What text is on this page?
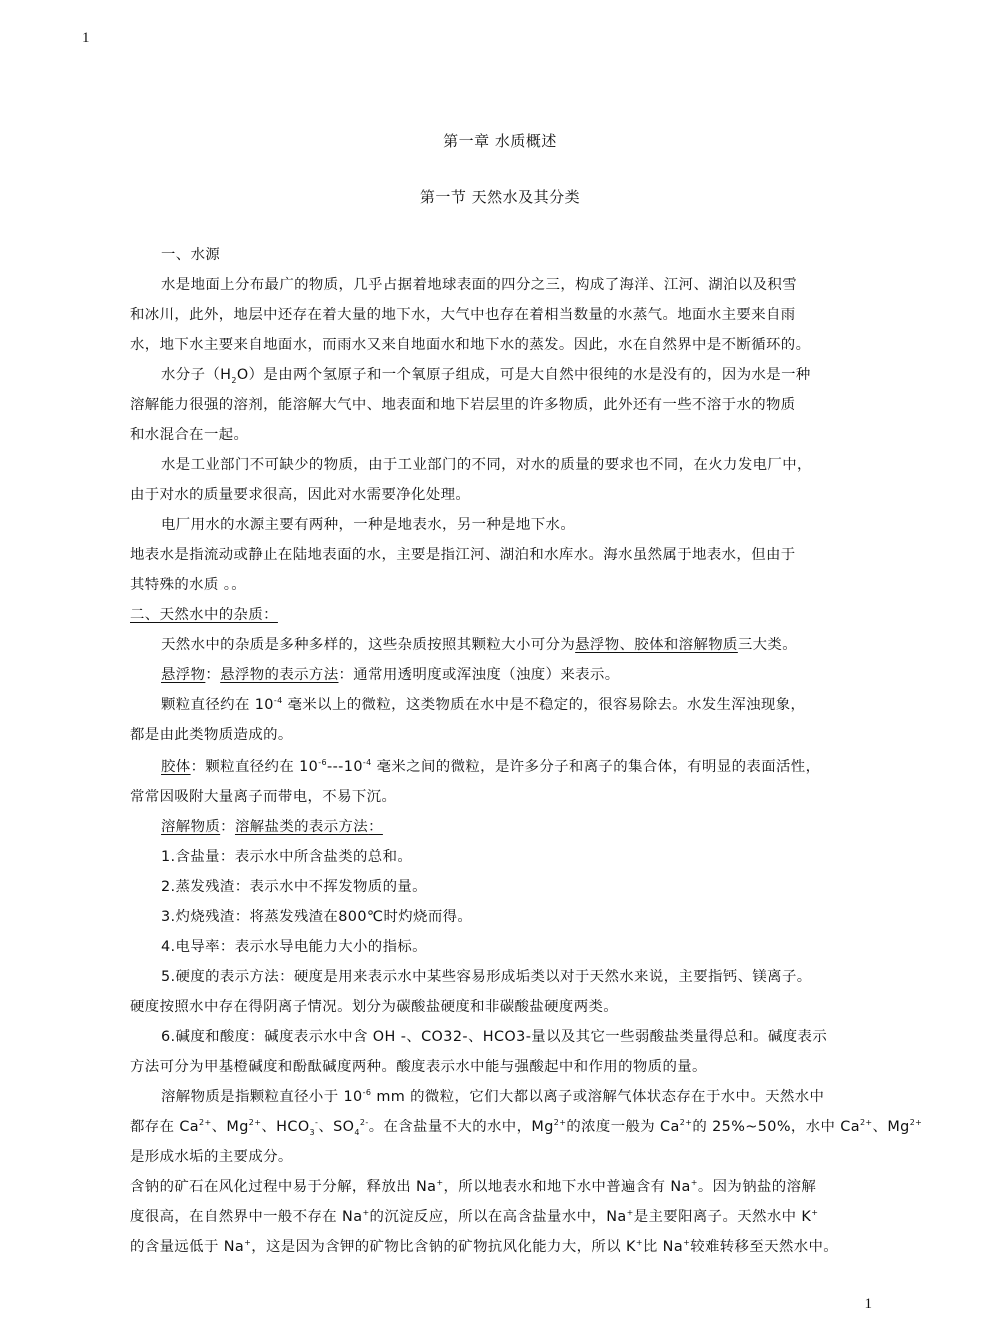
1
第一章 水质概述
第一节 天然水及其分类
一、水源
水是地面上分布最广的物质，几乎占据着地球表面的四分之三，构成了海洋、江河、湖泊以及积雪
和冰川，此外，地层中还存在着大量的地下水，大气中也存在着相当数量的水蒸气。地面水主要来自雨
水，地下水主要来自地面水，而雨水又来自地面水和地下水的蒸发。因此，水在自然界中是不断循环的。
水分子$(H_2O)$是由两个氢原子和一个氧原子组成，可是大自然中很纯的水是没有的，因为水是一种
溶解能力很强的溶剂，能溶解大气中、地表面和地下岩层里的许多物质，此外还有一些不溶于水的物质
和水混合在一起。
水是工业部门不可缺少的物质，由于工业部门的不同，对水的质量的要求也不同，在火力发电厂中，
由于对水的质量要求很高，因此对水需要净化处理。
电厂用水的水源主要有两种，一种是地表水，另一种是地下水。
地表水是指流动或静止在陆地表面的水，主要是指江河、湖泊和水库水。海水虽然属于地表水，但由于
其特殊的水质 。。
二、天然水中的杂质：
天然水中的杂质是多种多样的，这些杂质按照其颗粒大小可分为悬浮物、胶体和溶解物质三大类。
悬浮物：悬浮物的表示方法：通常用透明度或浑浊度（浊度）来表示。
颗粒直径约在 $10^{-4}$ 毫米以上的微粒，这类物质在水中是不稳定的，很容易除去。水发生浑浊现象，
都是由此类物质造成的。
胶体：颗粒直径约在 $10^{-6}---10^{-4}$ 毫米之间的微粒，是许多分子和离子的集合体，有明显的表面活性，
常常因吸附大量离子而带电，不易下沉。
溶解物质：溶解盐类的表示方法：
1.含盐量：表示水中所含盐类的总和。
2.蒸发残渣：表示水中不挥发物质的量。
3.灼烧残渣：将蒸发残渣在800℃时灼烧而得。
4.电导率：表示水导电能力大小的指标。
5.硬度的表示方法：硬度是用来表示水中某些容易形成垢类以对于天然水来说，主要指钙、镁离子。
硬度按照水中存在得阴离子情况。划分为碳酸盐硬度和非碳酸盐硬度两类。
6.碱度和酸度：碱度表示水中含 OH -、CO32-、HCO3-量以及其它一些弱酸盐类量得总和。碱度表示
方法可分为甲基橙碱度和酚酞碱度两种。酸度表示水中能与强酸起中和作用的物质的量。
溶解物质是指颗粒直径小于 $10^{-6}$ mm 的微粒，它们大都以离子或溶解气体状态存在于水中。天然水中
都存在 $Ca^{2+}$、$Mg^{2+}$、$HCO_3^-$、$SO_4^{2-}$。在含盐量不大的水中，$Mg^{2+}$的浓度一般为 $Ca^{2+}$的 25%~50%，水中 $Ca^{2+}$、$Mg^{2+}$
是形成水垢的主要成分。
含钠的矿石在风化过程中易于分解，释放出 Na+，所以地表水和地下水中普遍含有 Na+。因为钠盐的溶解
度很高，在自然界中一般不存在 Na+的沉淀反应，所以在高含盐量水中，Na+是主要阳离子。天然水中 K+
的含量远低于 Na+，这是因为含钾的矿物比含钠的矿物抗风化能力大，所以 K+比 Na+较难转移至天然水中。
1
